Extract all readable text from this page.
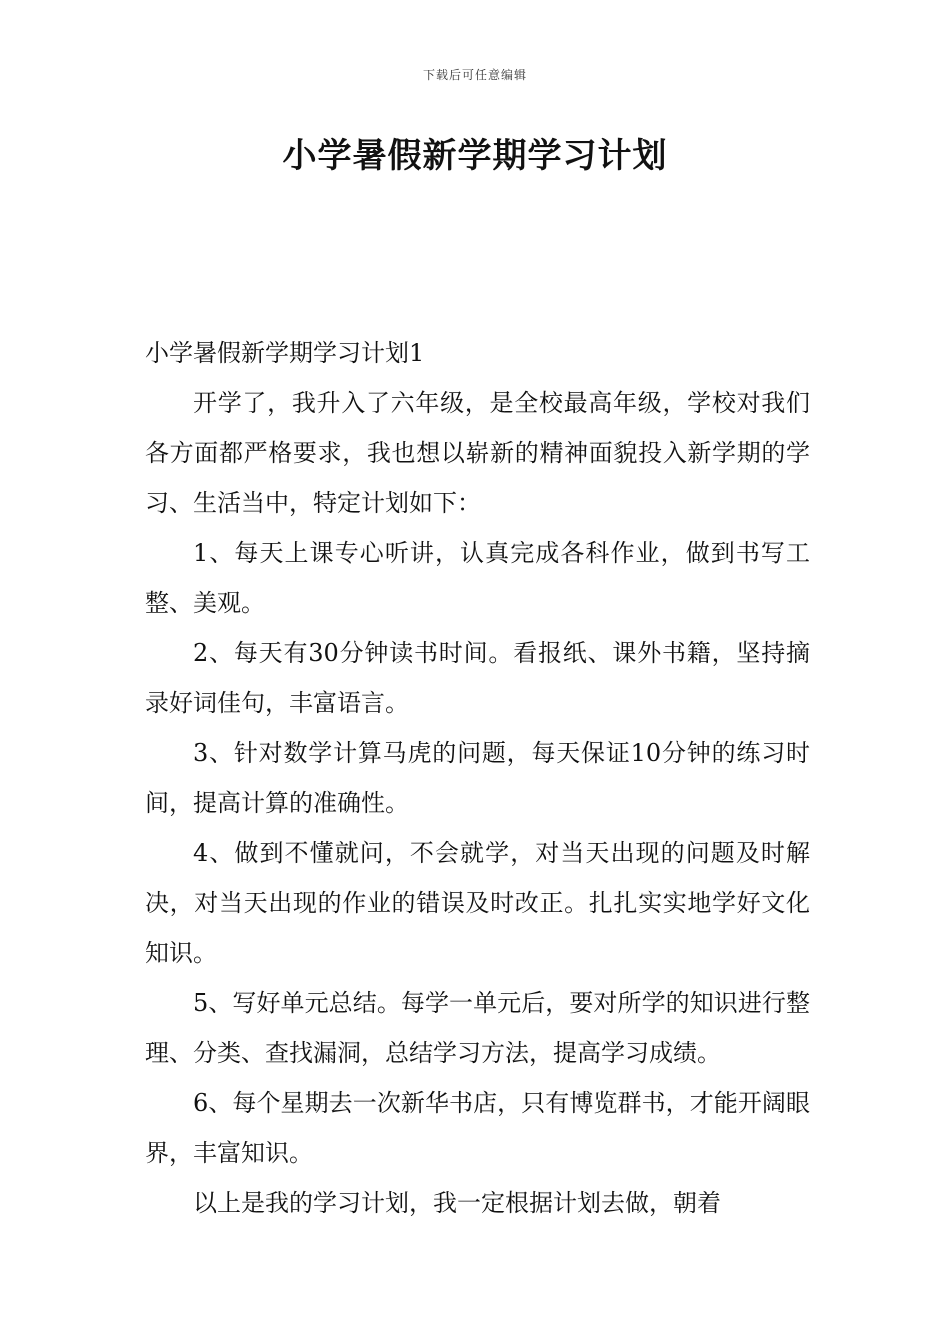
下载后可任意编辑
小学暑假新学期学习计划

小学暑假新学期学习计划1

开学了，我升入了六年级，是全校最高年级，学校对我们各方面都严格要求，我也想以崭新的精神面貌投入新学期的学习、生活当中，特定计划如下：

1、每天上课专心听讲，认真完成各科作业，做到书写工整、美观。

2、每天有30分钟读书时间。看报纸、课外书籍，坚持摘录好词佳句，丰富语言。

3、针对数学计算马虎的问题，每天保证10分钟的练习时间，提高计算的准确性。

4、做到不懂就问，不会就学，对当天出现的问题及时解决，对当天出现的作业的错误及时改正。扎扎实实地学好文化知识。

5、写好单元总结。每学一单元后，要对所学的知识进行整理、分类、查找漏洞，总结学习方法，提高学习成绩。

6、每个星期去一次新华书店，只有博览群书，才能开阔眼界，丰富知识。

以上是我的学习计划，我一定根据计划去做，朝着
